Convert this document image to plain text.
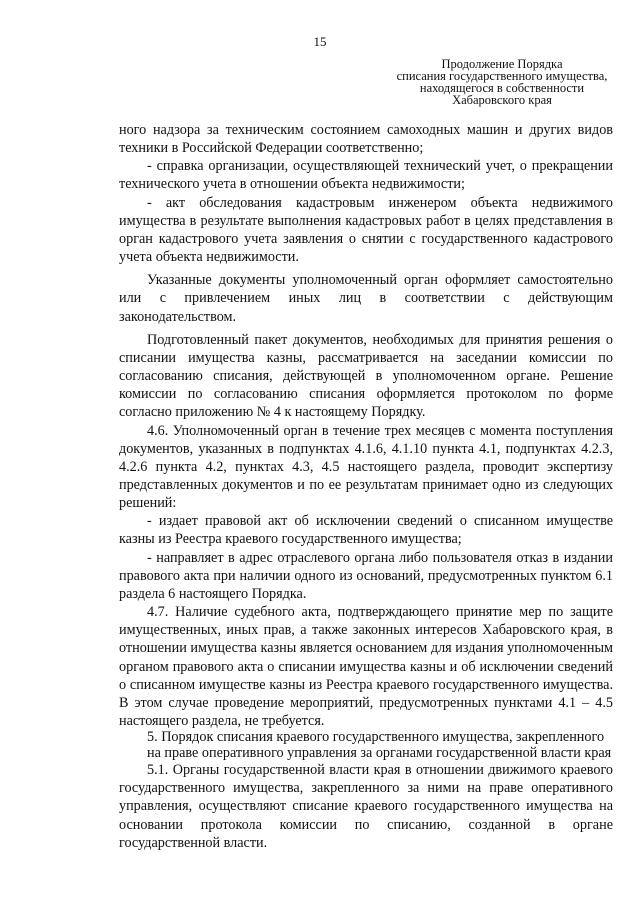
15
Продолжение Порядка
списания государственного имущества,
находящегося в собственности
Хабаровского края

ного надзора за техническим состоянием самоходных машин и других видов техники в Российской Федерации соответственно;

- справка организации, осуществляющей технический учет, о прекращении технического учета в отношении объекта недвижимости;

- акт обследования кадастровым инженером объекта недвижимого имущества в результате выполнения кадастровых работ в целях представления в орган кадастрового учета заявления о снятии с государственного кадастрового учета объекта недвижимости.

Указанные документы уполномоченный орган оформляет самостоятельно или с привлечением иных лиц в соответствии с действующим законодательством.

Подготовленный пакет документов, необходимых для принятия решения о списании имущества казны, рассматривается на заседании комиссии по согласованию списания, действующей в уполномоченном органе. Решение комиссии по согласованию списания оформляется протоколом по форме согласно приложению № 4 к настоящему Порядку.

4.6. Уполномоченный орган в течение трех месяцев с момента поступления документов, указанных в подпунктах 4.1.6, 4.1.10 пункта 4.1, подпунктах 4.2.3, 4.2.6 пункта 4.2, пунктах 4.3, 4.5 настоящего раздела, проводит экспертизу представленных документов и по ее результатам принимает одно из следующих решений:

- издает правовой акт об исключении сведений о списанном имуществе казны из Реестра краевого государственного имущества;

- направляет в адрес отраслевого органа либо пользователя отказ в издании правового акта при наличии одного из оснований, предусмотренных пунктом 6.1 раздела 6 настоящего Порядка.

4.7. Наличие судебного акта, подтверждающего принятие мер по защите имущественных, иных прав, а также законных интересов Хабаровского края, в отношении имущества казны является основанием для издания уполномоченным органом правового акта о списании имущества казны и об исключении сведений о списанном имуществе казны из Реестра краевого государственного имущества. В этом случае проведение мероприятий, предусмотренных пунктами 4.1 – 4.5 настоящего раздела, не требуется.

5. Порядок списания краевого государственного имущества, закрепленного на праве оперативного управления за органами государственной власти края

5.1. Органы государственной власти края в отношении движимого краевого государственного имущества, закрепленного за ними на праве оперативного управления, осуществляют списание краевого государственного имущества на основании протокола комиссии по списанию, созданной в органе государственной власти.
